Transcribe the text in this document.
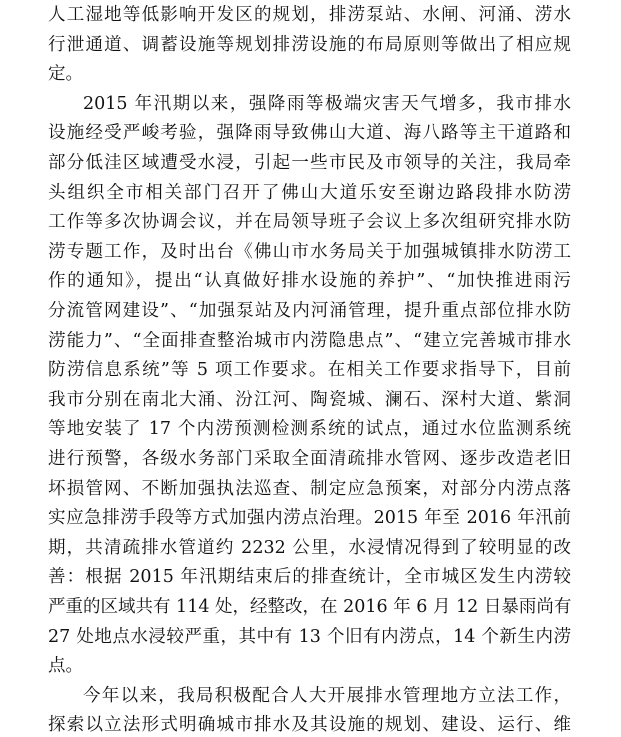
人工湿地等低影响开发区的规划，排涝泵站、水闸、河涌、涝水
行泄通道、调蓄设施等规划排涝设施的布局原则等做出了相应规
定。
2015 年汛期以来，强降雨等极端灾害天气增多，我市排水
设施经受严峻考验，强降雨导致佛山大道、海八路等主干道路和
部分低洼区域遭受水浸，引起一些市民及市领导的关注，我局牵
头组织全市相关部门召开了佛山大道乐安至谢边路段排水防涝
工作等多次协调会议，并在局领导班子会议上多次组研究排水防
涝专题工作，及时出台《佛山市水务局关于加强城镇排水防涝工
作的通知》，提出“认真做好排水设施的养护”、“加快推进雨污
分流管网建设”、“加强泵站及内河涌管理，提升重点部位排水防
涝能力”、“全面排查整治城市内涝隐患点”、“建立完善城市排水
防涝信息系统”等 5 项工作要求。在相关工作要求指导下，目前
我市分别在南北大涌、汾江河、陶瓷城、澜石、深村大道、紫洞
等地安装了 17 个内涝预测检测系统的试点，通过水位监测系统
进行预警，各级水务部门采取全面清疏排水管网、逐步改造老旧
坏损管网、不断加强执法巡查、制定应急预案，对部分内涝点落
实应急排涝手段等方式加强内涝点治理。2015 年至 2016 年汛前
期，共清疏排水管道约 2232 公里，水浸情况得到了较明显的改
善：根据 2015 年汛期结束后的排查统计，全市城区发生内涝较
严重的区域共有 114 处，经整改，在 2016 年 6 月 12 日暴雨尚有
27 处地点水浸较严重，其中有 13 个旧有内涝点，14 个新生内涝
点。
今年以来，我局积极配合人大开展排水管理地方立法工作，
探索以立法形式明确城市排水及其设施的规划、建设、运行、维
